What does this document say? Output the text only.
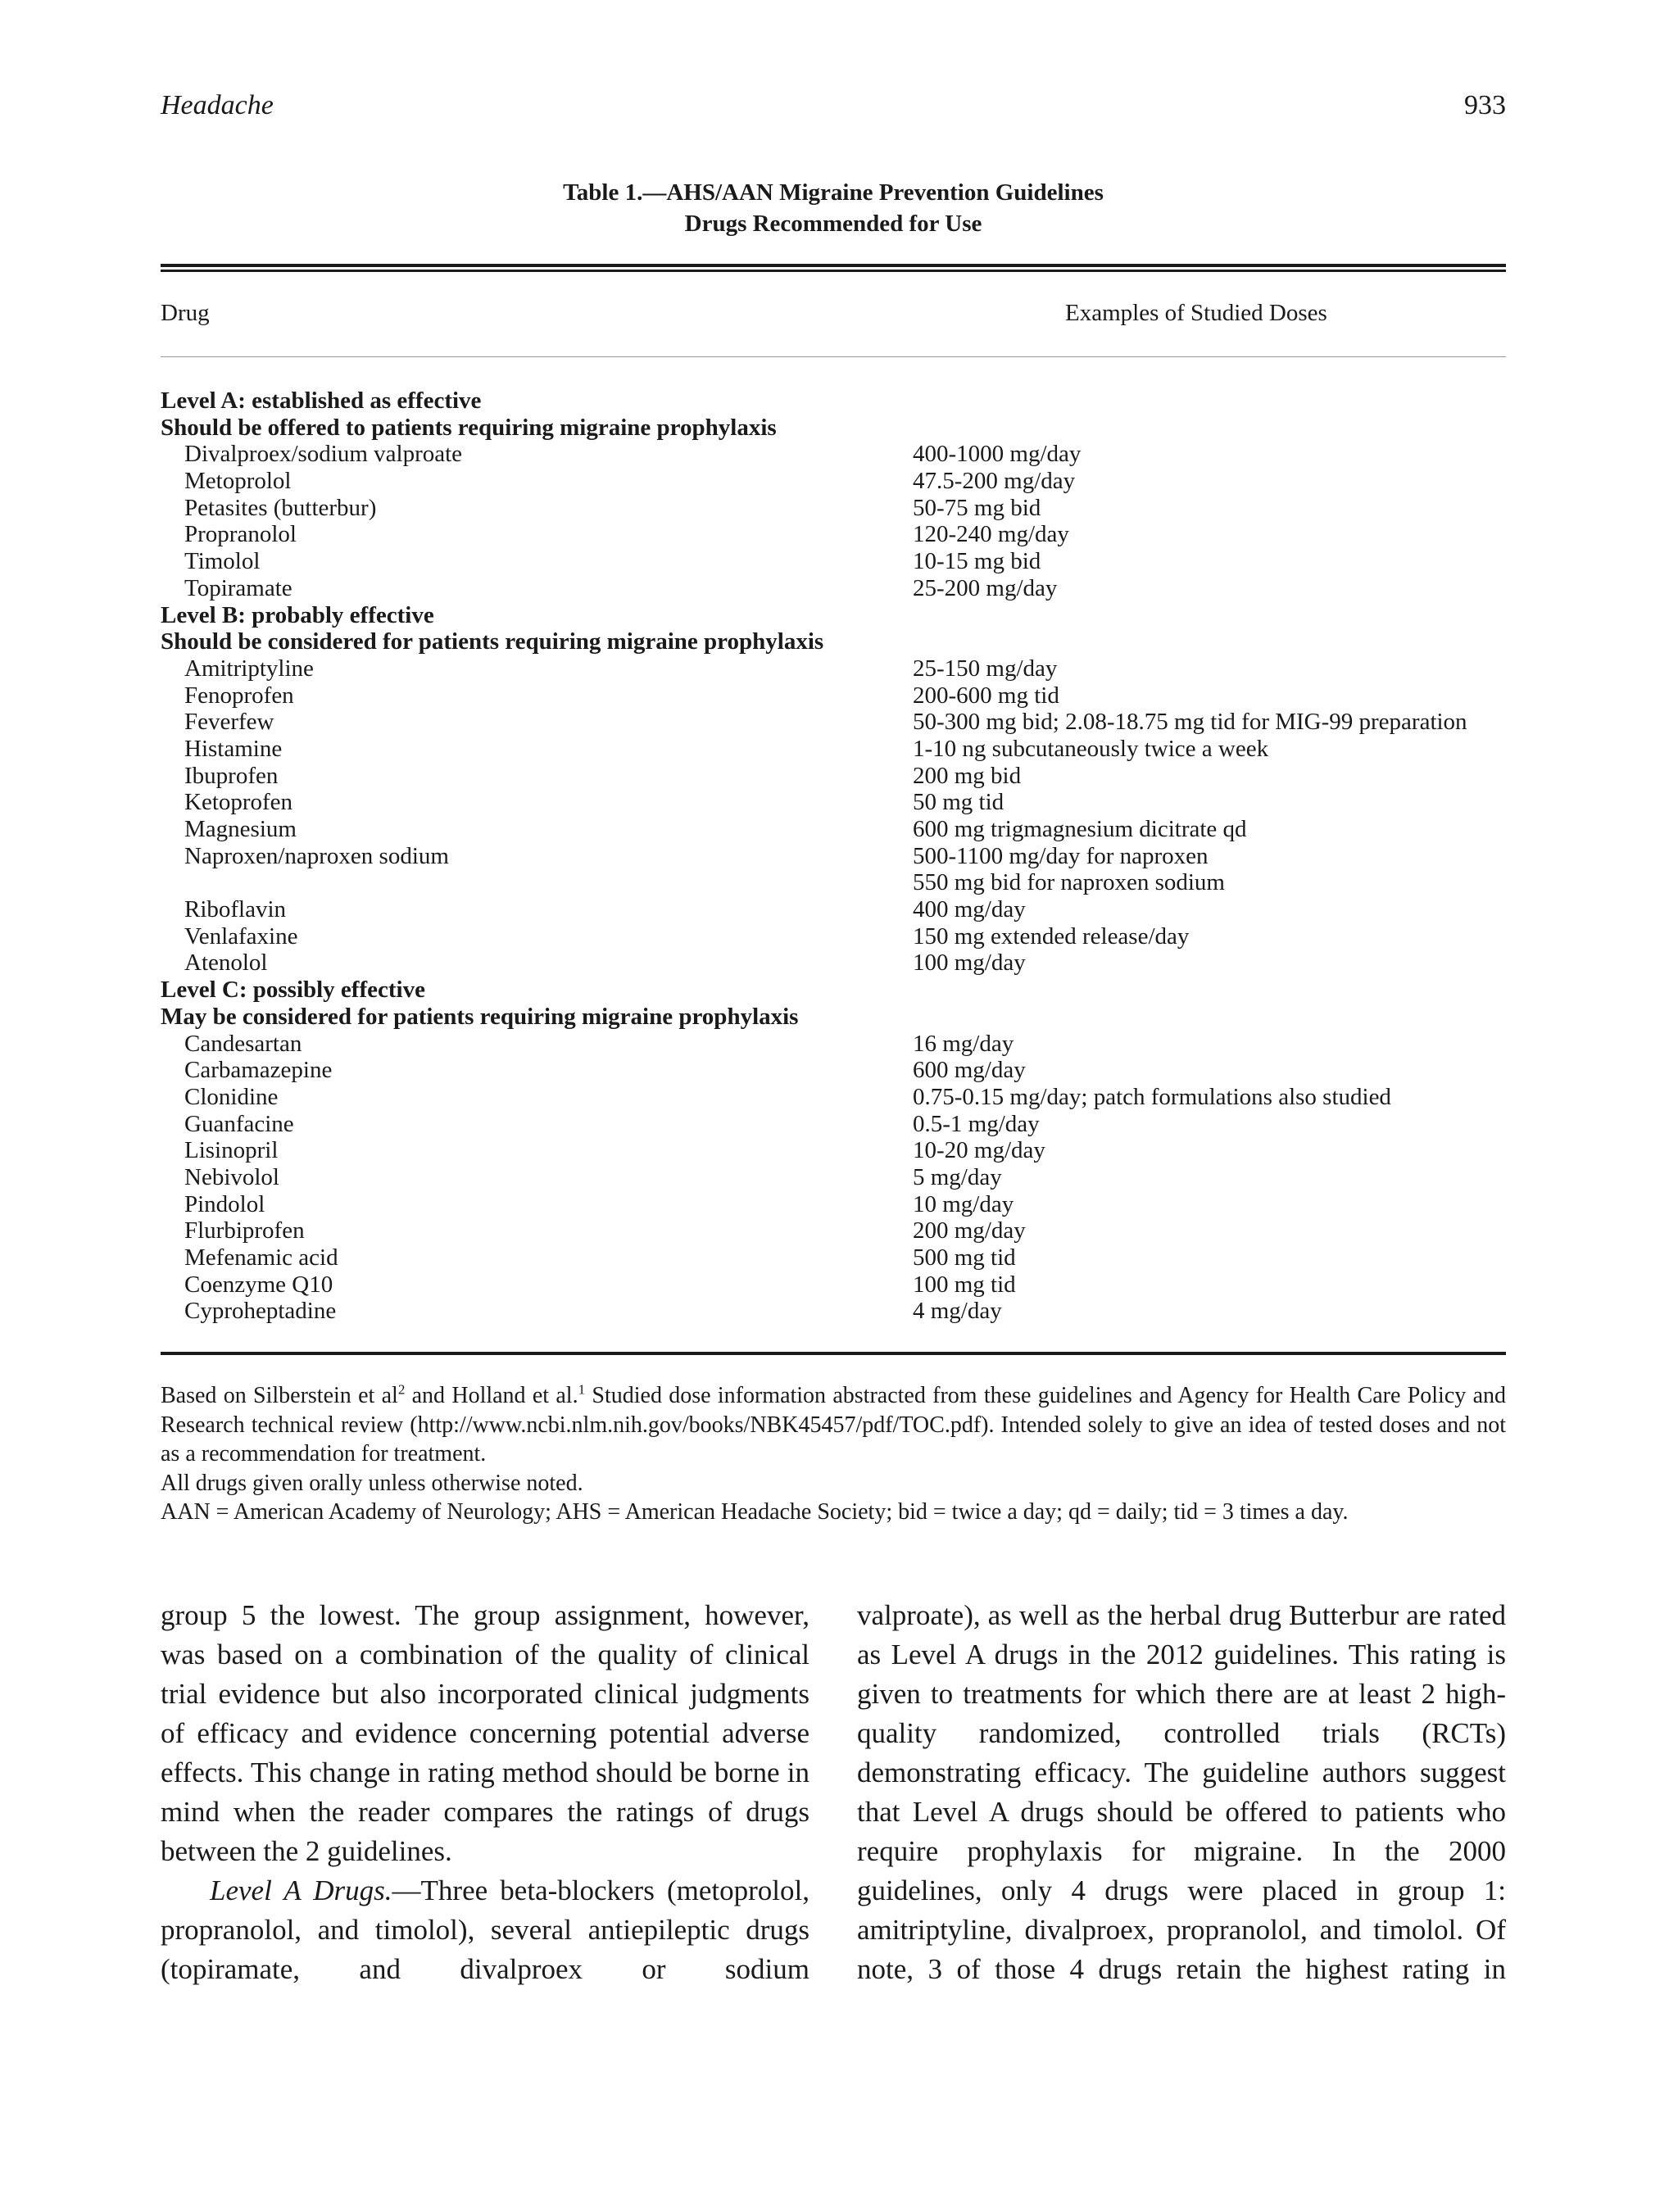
Headache	933
Table 1.—AHS/AAN Migraine Prevention Guidelines
Drugs Recommended for Use
Drug	Examples of Studied Doses
Level A: established as effective
Should be offered to patients requiring migraine prophylaxis
Divalproex/sodium valproate	400-1000 mg/day
Metoprolol	47.5-200 mg/day
Petasites (butterbur)	50-75 mg bid
Propranolol	120-240 mg/day
Timolol	10-15 mg bid
Topiramate	25-200 mg/day
Level B: probably effective
Should be considered for patients requiring migraine prophylaxis
Amitriptyline	25-150 mg/day
Fenoprofen	200-600 mg tid
Feverfew	50-300 mg bid; 2.08-18.75 mg tid for MIG-99 preparation
Histamine	1-10 ng subcutaneously twice a week
Ibuprofen	200 mg bid
Ketoprofen	50 mg tid
Magnesium	600 mg trigmagnesium dicitrate qd
Naproxen/naproxen sodium	500-1100 mg/day for naproxen
550 mg bid for naproxen sodium
Riboflavin	400 mg/day
Venlafaxine	150 mg extended release/day
Atenolol	100 mg/day
Level C: possibly effective
May be considered for patients requiring migraine prophylaxis
Candesartan	16 mg/day
Carbamazepine	600 mg/day
Clonidine	0.75-0.15 mg/day; patch formulations also studied
Guanfacine	0.5-1 mg/day
Lisinopril	10-20 mg/day
Nebivolol	5 mg/day
Pindolol	10 mg/day
Flurbiprofen	200 mg/day
Mefenamic acid	500 mg tid
Coenzyme Q10	100 mg tid
Cyproheptadine	4 mg/day

Based on Silberstein et $al^2$ and Holland et al.$^1$ Studied dose information abstracted from these guidelines and Agency for Health Care Policy and Research technical review (http://www.ncbi.nlm.nih.gov/books/NBK45457/pdf/TOC.pdf). Intended solely to give an idea of tested doses and not as a recommendation for treatment.

All drugs given orally unless otherwise noted.

AAN = American Academy of Neurology; AHS = American Headache Society; bid = twice a day; qd = daily; tid = 3 times a day.

group 5 the lowest. The group assignment, however, was based on a combination of the quality of clinical trial evidence but also incorporated clinical judgments of efficacy and evidence concerning potential adverse effects. This change in rating method should be borne in mind when the reader compares the ratings of drugs between the 2 guidelines.

Level A Drugs.—Three beta-blockers (metoprolol, propranolol, and timolol), several antiepileptic drugs (topiramate, and divalproex or sodium

valproate), as well as the herbal drug Butterbur are rated as Level A drugs in the 2012 guidelines. This rating is given to treatments for which there are at least 2 high-quality randomized, controlled trials (RCTs) demonstrating efficacy. The guideline authors suggest that Level A drugs should be offered to patients who require prophylaxis for migraine. In the 2000 guidelines, only 4 drugs were placed in group 1: amitriptyline, divalproex, propranolol, and timolol. Of note, 3 of those 4 drugs retain the highest rating in
